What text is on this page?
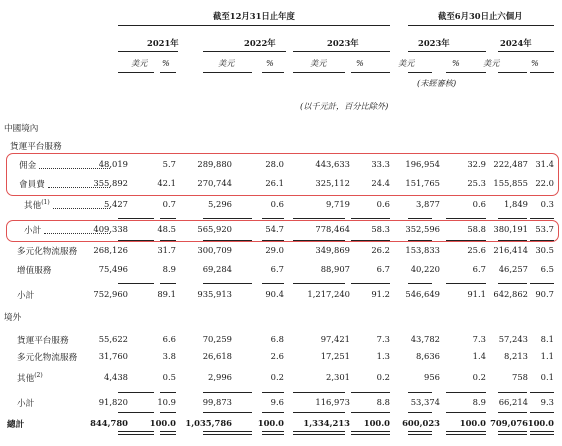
截至12月31日止年度	截至6月30日止六個月
2021年	2022年	2023年	2023年	2024年
美元	美元	美元	美元	美元
%	%	%	%	%
(未經審核)
(以千元計，百分比除外)
中國境內
貨運平台服務
境外
佣金	48,019	5.7	289,880	28.0	443,633	33.3	196,954	32.9 222,487 31.4
會員費	355,892	42.1	270,744	26.1	325,112	24.4	151,765	25.3 155,855 22.0
其他$^{(1)}$	5,427	0.7	5,296	0.6	9,719	0.6	3,877	0.6	1,849	0.3
小計	409,338	48.5	565,920	54.7	778,464	58.3	352,596	58.8 380,191 53.7
多元化物流服務	268,126	31.7	300,709	29.0	349,869	26.2	153,833	25.6 216,414 30.5
增值服務	75,496	8.9	69,284	6.7	88,907	6.7	40,220	6.7	46,257	6.5
小計	752,960	89.1	935,913	90.4	1,217,240	91.2	546,649	91.1 642,862 90.7
貨運平台服務	55,622	6.6	70,259	6.8	97,421	7.3	43,782	7.3	57,243	8.1
多元化物流服務	31,760	3.8	26,618	2.6	17,251	1.3	8,636	1.4	8,213	1.1
其他$^{(2)}$	4,438	0.5	2,996	0.2	2,301	0.2	956	0.2	758	0.1
小計	91,820	10.9	99,873	9.6	116,973	8.8	53,374	8.9	66,214	9.3
總計	844,780	100.0	1,035,786	100.0	1,334,213	100.0	600,023	100.0 709,076 100.0
